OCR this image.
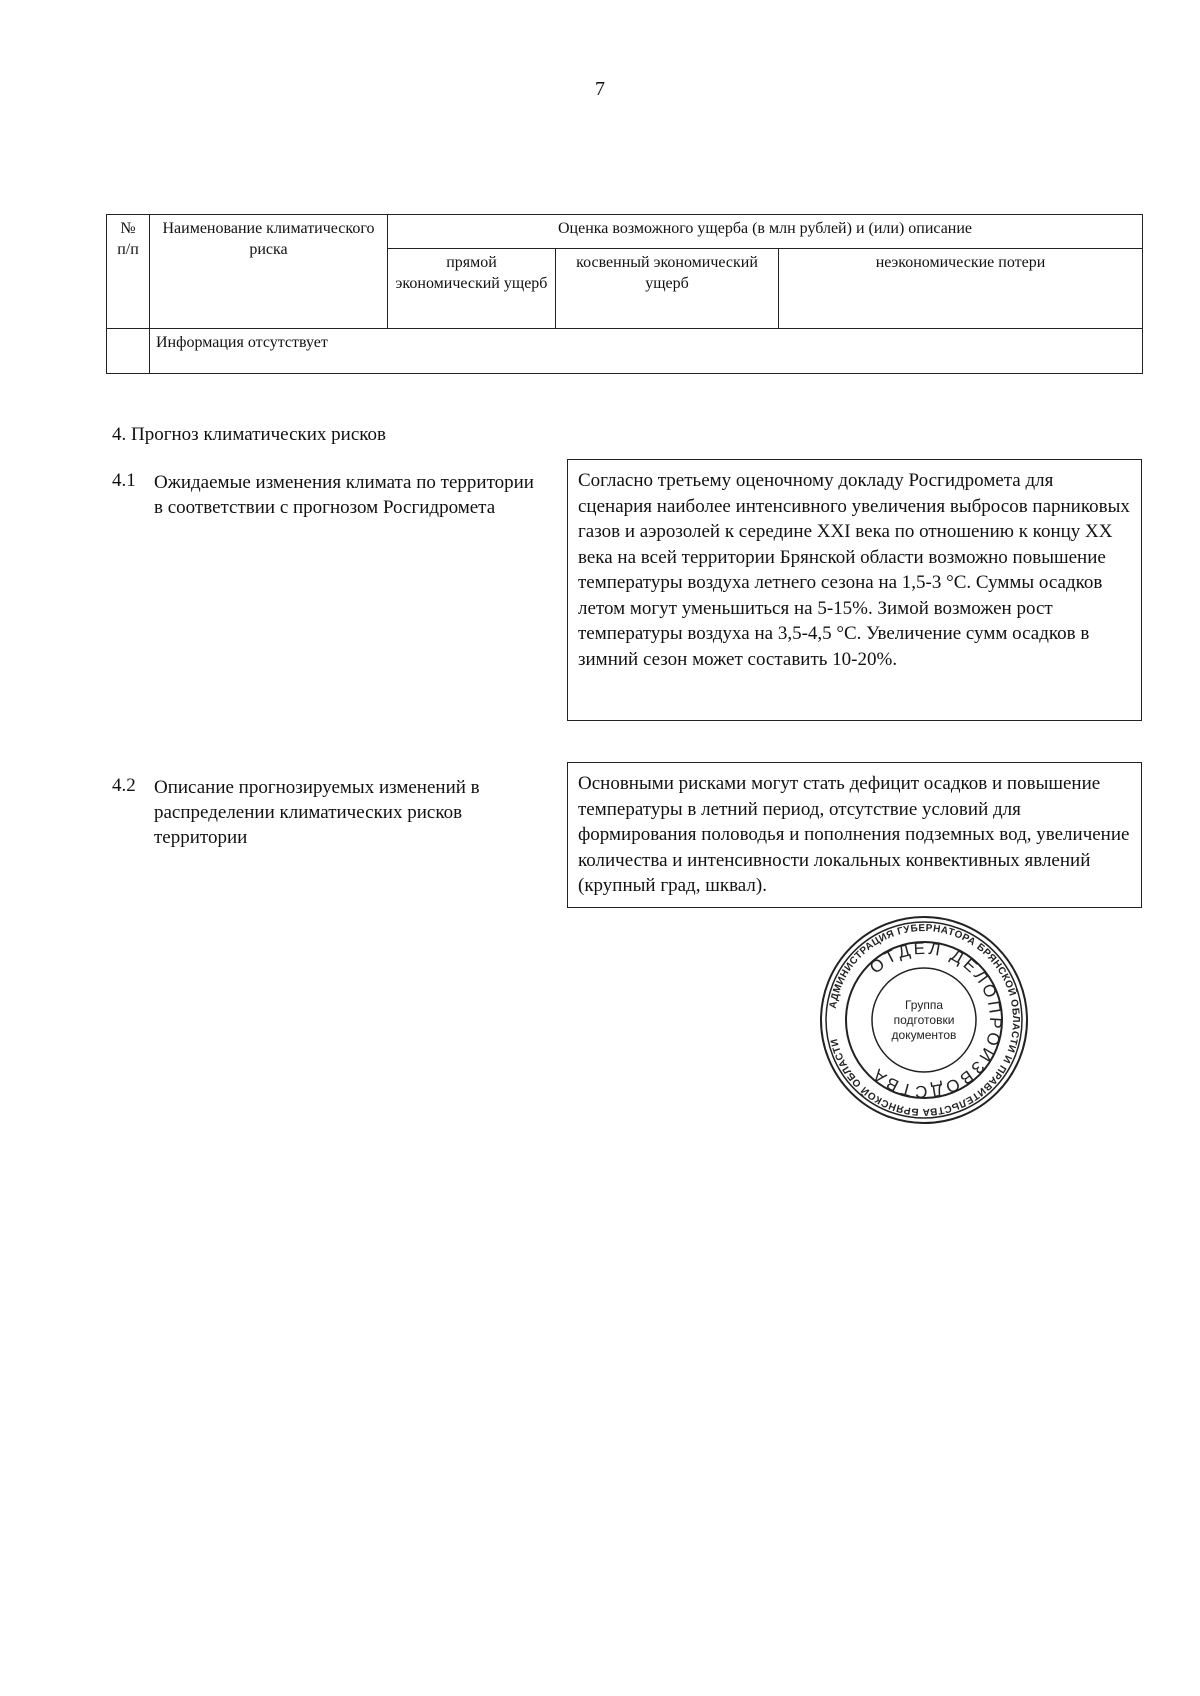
7
№ п/п	Наименование климатического риска	Оценка возможного ущерба (в млн рублей) и (или) описание		
		прямой экономический ущерб	косвенный экономический ущерб	неэкономические потери
	Информация отсутствует			
4. Прогноз климатических рисков
4.1 Ожидаемые изменения климата по территории в соответствии с прогнозом Росгидромета
Согласно третьему оценочному докладу Росгидромета для сценария наиболее интенсивного увеличения выбросов парниковых газов и аэрозолей к середине XXI века по отношению к концу XX века на всей территории Брянской области возможно повышение температуры воздуха летнего сезона на 1,5-3 °С. Суммы осадков летом могут уменьшиться на 5-15%. Зимой возможен рост температуры воздуха на 3,5-4,5 °С. Увеличение сумм осадков в зимний сезон может составить 10-20%.
4.2 Описание прогнозируемых изменений в распределении климатических рисков территории
Основными рисками могут стать дефицит осадков и повышение температуры в летний период, отсутствие условий для формирования половодья и пополнения подземных вод, увеличение количества и интенсивности локальных конвективных явлений (крупный град, шквал).
АДМИНИСТРАЦИЯ ГУБЕРНАТОРА БРЯНСКОЙ ОБЛАСТИ И ПРАВИТЕЛЬСТВА БРЯНСКОЙ ОБЛАСТИ
ОТДЕЛ ДЕЛОПРОИЗВОДСТВА
Группа подготовки документов
